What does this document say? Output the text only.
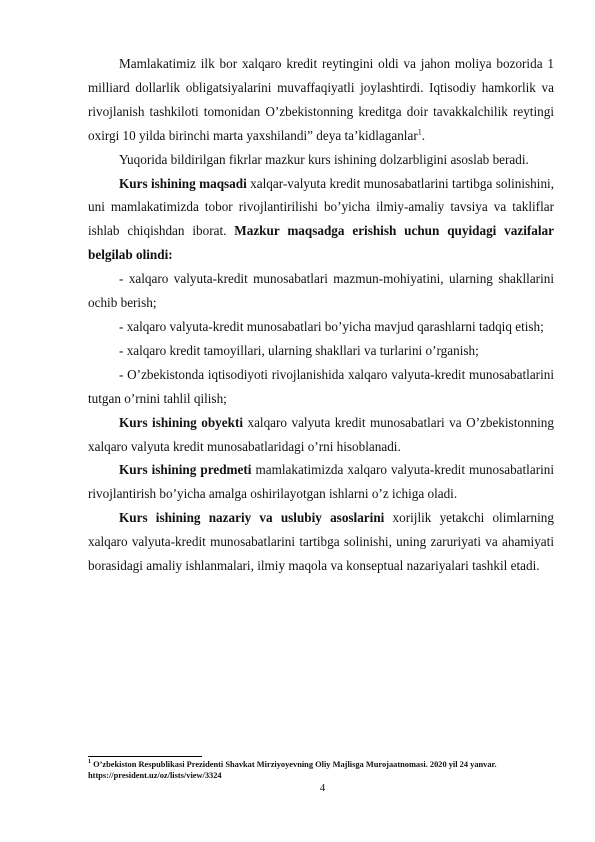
Mamlakatimiz ilk bor xalqaro kredit reytingini oldi va jahon moliya bozorida 1 milliard dollarlik obligatsiyalarini muvaffaqiyatli joylashtirdi. Iqtisodiy hamkorlik va rivojlanish tashkiloti tomonidan O’zbekistonning kreditga doir tavakkalchilik reytingi oxirgi 10 yilda birinchi marta yaxshilandi” deya ta’kidlaganlar$^1$.

Yuqorida bildirilgan fikrlar mazkur kurs ishining dolzarbligini asoslab beradi.

Kurs ishining maqsadi xalqar-valyuta kredit munosabatlarini tartibga solinishini, uni mamlakatimizda tobor rivojlantirilishi bo’yicha ilmiy-amaliy tavsiya va takliflar ishlab chiqishdan iborat. Mazkur maqsadga erishish uchun quyidagi vazifalar belgilab olindi:

- xalqaro valyuta-kredit munosabatlari mazmun-mohiyatini, ularning shakllarini ochib berish;

- xalqaro valyuta-kredit munosabatlari bo’yicha mavjud qarashlarni tadqiq etish;

- xalqaro kredit tamoyillari, ularning shakllari va turlarini o’rganish;

- O’zbekistonda iqtisodiyoti rivojlanishida xalqaro valyuta-kredit munosabatlarini tutgan o’rnini tahlil qilish;

Kurs ishining obyekti xalqaro valyuta kredit munosabatlari va O’zbekistonning xalqaro valyuta kredit munosabatlaridagi o’rni hisoblanadi.

Kurs ishining predmeti mamlakatimizda xalqaro valyuta-kredit munosabatlarini rivojlantirish bo’yicha amalga oshirilayotgan ishlarni o’z ichiga oladi.

Kurs ishining nazariy va uslubiy asoslarini xorijlik yetakchi olimlarning xalqaro valyuta-kredit munosabatlarini tartibga solinishi, uning zaruriyati va ahamiyati borasidagi amaliy ishlanmalari, ilmiy maqola va konseptual nazariyalari tashkil etadi.

$^1$ O’zbekiston Respublikasi Prezidenti Shavkat Mirziyoyevning Oliy Majlisga Murojaatnomasi. 2020 yil 24 yanvar.
https://president.uz/oz/lists/view/3324
4
